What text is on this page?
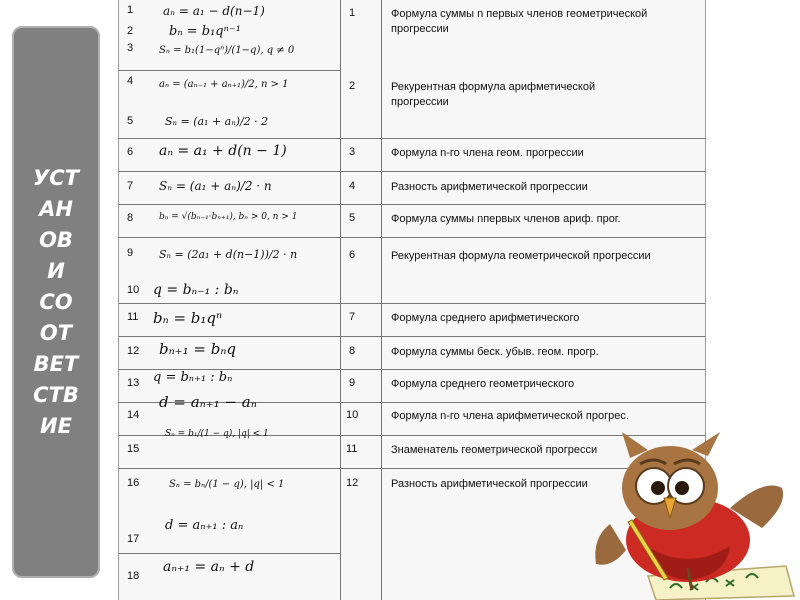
УСТ
АН
ОВ
И
СО
ОТ
ВЕТ
СТВ
ИЕ
1
2
3
4
5
6
7
8
9
10
11
12
13
14
15
16
17
18
aₙ = a₁ − d(n−1)
bₙ = b₁qⁿ⁻¹
Sₙ = b₁(1−qⁿ)/(1−q), q ≠ 0
aₙ = (aₙ₋₁ + aₙ₊₁)/2, n > 1
Sₙ = (a₁ + aₙ)/2 · 2
aₙ = a₁ + d(n − 1)
Sₙ = (a₁ + aₙ)/2 · n
bₙ = √(bₙ₋₁·bₙ₊₁), bₙ > 0, n > 1
Sₙ = (2a₁ + d(n−1))/2 · n
q = bₙ₋₁ : bₙ
bₙ = b₁qⁿ
bₙ₊₁ = bₙq
q = bₙ₊₁ : bₙ
d = aₙ₊₁ − aₙ
Sₙ = b₁/(1 − q), |q| < 1
Sₙ = bₙ/(1 − q), |q| < 1
d = aₙ₊₁ : aₙ
aₙ₊₁ = aₙ + d
1
2
3
4
5
6
7
8
9
10
11
12
Формула суммы n первых членов геометрической прогрессии
Рекурентная формула арифметической прогрессии
Формула n-го члена геом. прогрессии
Разность арифметической прогрессии
Формула суммы nпервых членов ариф. прог.
Рекурентная формула геометрической прогрессии
Формула среднего арифметического
Формула суммы беск. убыв. геом. прогр.
Формула среднего геометрического
Формула n-го члена арифметической прогрес.
Знаменатель геометрической прогресси
Разность арифметической прогрессии
